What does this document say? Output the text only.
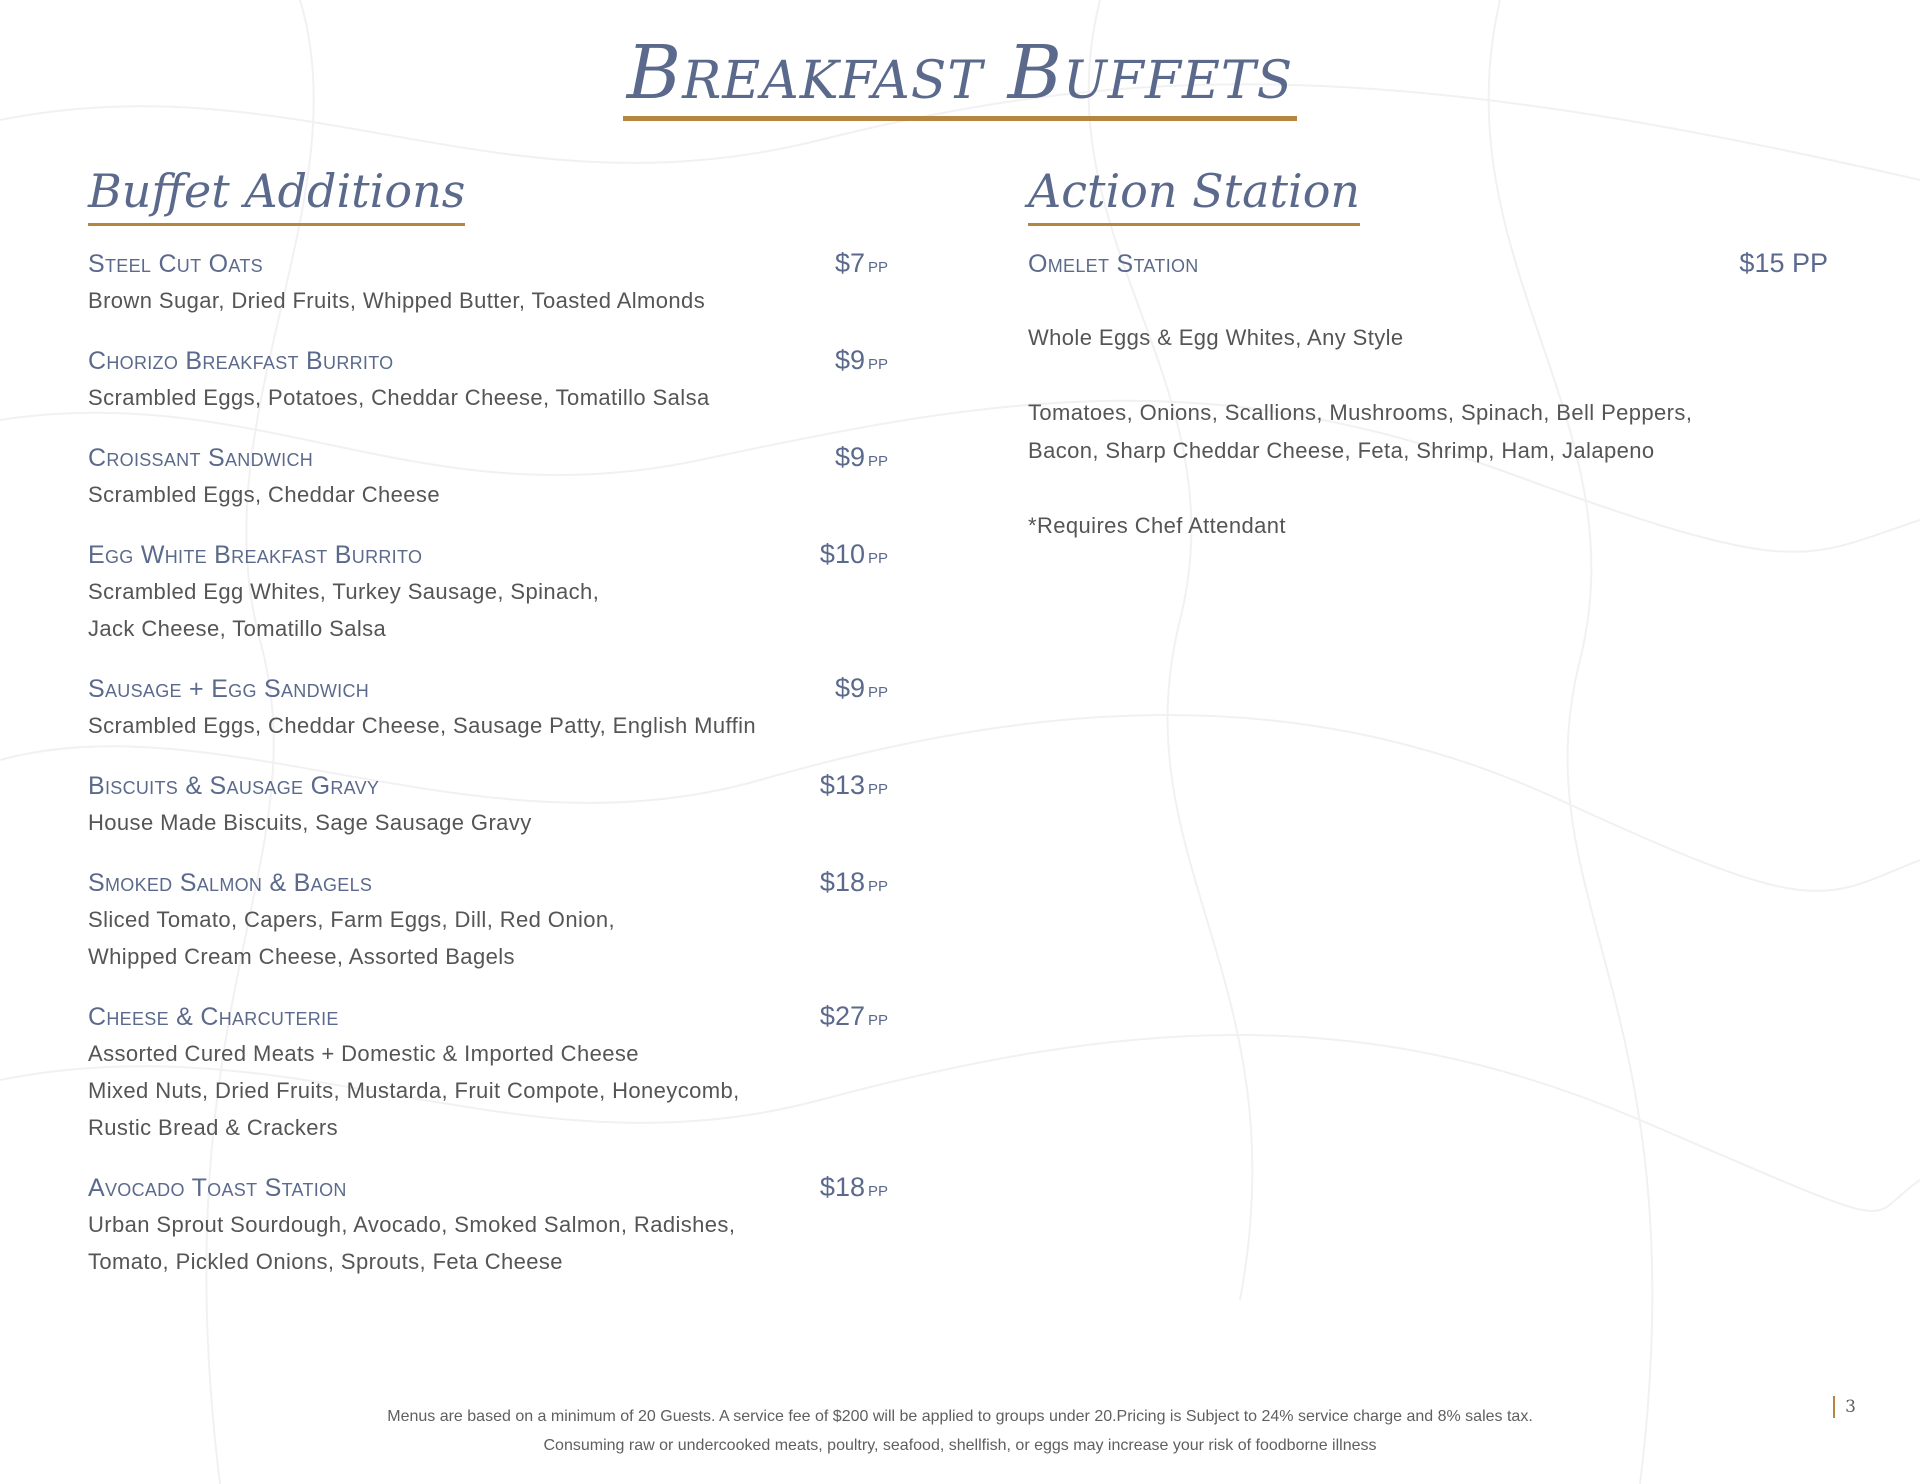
Breakfast Buffets
Buffet Additions	Action Station
Steel Cut Oats	$7 pp
Brown Sugar, Dried Fruits, Whipped Butter, Toasted Almonds
Chorizo Breakfast Burrito	$9 pp
Scrambled Eggs, Potatoes, Cheddar Cheese, Tomatillo Salsa
Croissant Sandwich	$9 pp
Scrambled Eggs, Cheddar Cheese
Egg White Breakfast Burrito	$10 pp
Scrambled Egg Whites, Turkey Sausage, Spinach,
Jack Cheese, Tomatillo Salsa
Sausage + Egg Sandwich	$9 pp
Scrambled Eggs, Cheddar Cheese, Sausage Patty, English Muffin
Biscuits & Sausage Gravy	$13 pp
House Made Biscuits, Sage Sausage Gravy
Smoked Salmon & Bagels	$18 pp
Sliced Tomato, Capers, Farm Eggs, Dill, Red Onion,
Whipped Cream Cheese, Assorted Bagels
Cheese & Charcuterie	$27 pp
Assorted Cured Meats + Domestic & Imported Cheese
Mixed Nuts, Dried Fruits, Mustarda, Fruit Compote, Honeycomb,
Rustic Bread & Crackers
Avocado Toast Station	$18 pp
Urban Sprout Sourdough, Avocado, Smoked Salmon, Radishes,
Tomato, Pickled Onions, Sprouts, Feta Cheese
Omelet Station	$15 PP
Whole Eggs & Egg Whites, Any Style
Tomatoes, Onions, Scallions, Mushrooms, Spinach, Bell Peppers,
Bacon, Sharp Cheddar Cheese, Feta, Shrimp, Ham, Jalapeno
*Requires Chef Attendant
Menus are based on a minimum of 20 Guests. A service fee of $200 will be applied to groups under 20.Pricing is Subject to 24% service charge and 8% sales tax.
Consuming raw or undercooked meats, poultry, seafood, shellfish, or eggs may increase your risk of foodborne illness
3
